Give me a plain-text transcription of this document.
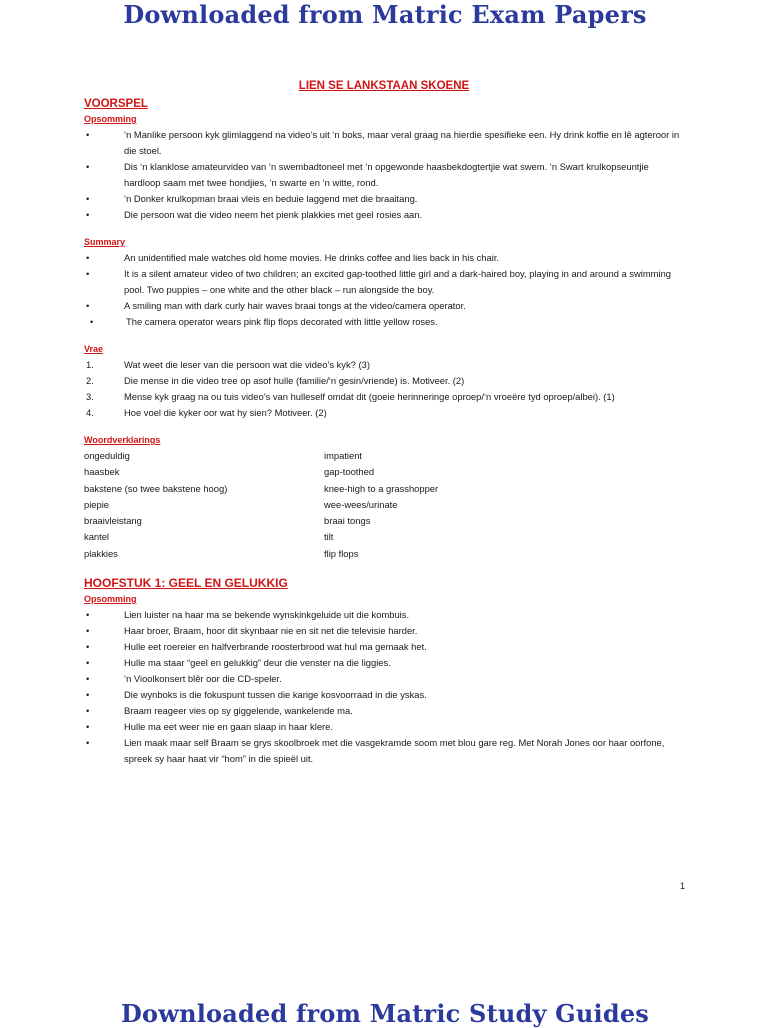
Downloaded from Matric Exam Papers
LIEN SE LANKSTAAN SKOENE
VOORSPEL
Opsomming
•	‘n Manlike persoon kyk glimlaggend na video’s uit ‘n boks, maar veral graag na hierdie spesifieke een. Hy drink koffie en lê agteroor in die stoel.
•	Dis ‘n klanklose amateurvideo van ‘n swembadtoneel met ‘n opgewonde haasbekdogtertjie wat swem. ‘n Swart krulkopseuntjie hardloop saam met twee hondjies, ‘n swarte en ‘n witte, rond.
•	‘n Donker krulkopman braai vleis en beduie laggend met die braaitang.
•	Die persoon wat die video neem het pienk plakkies met geel rosies aan.
Summary
•	An unidentified male watches old home movies. He drinks coffee and lies back in his chair.
•	It is a silent amateur video of two children; an excited gap-toothed little girl and a dark-haired boy, playing in and around a swimming pool. Two puppies – one white and the other black – run alongside the boy.
•	A smiling man with dark curly hair waves braai tongs at the video/camera operator.
•	The camera operator wears pink flip flops decorated with little yellow roses.
Vrae
1.	Wat weet die leser van die persoon wat die video’s kyk? (3)
2.	Die mense in die video tree op asof hulle (familie/‘n gesin/vriende) is. Motiveer. (2)
3.	Mense kyk graag na ou tuis video’s van hulleself omdat dit (goeie herinneringe oproep/‘n vroeëre tyd oproep/albei). (1)
4.	Hoe voel die kyker oor wat hy sien? Motiveer. (2)
Woordverklarings
ongeduldig	impatient
haasbek	gap-toothed
bakstene (so twee bakstene hoog)	knee-high to a grasshopper
piepie	wee-wees/urinate
braaivleistang	braai tongs
kantel	tilt
plakkies	flip flops
HOOFSTUK 1: GEEL EN GELUKKIG
Opsomming
•	Lien luister na haar ma se bekende wynskinkgeluide uit die kombuis.
•	Haar broer, Braam, hoor dit skynbaar nie en sit net die televisie harder.
•	Hulle eet roereier en halfverbrande roosterbrood wat hul ma gemaak het.
•	Hulle ma staar “geel en gelukkig” deur die venster na die liggies.
•	‘n Vioolkonsert blêr oor die CD-speler.
•	Die wynboks is die fokuspunt tussen die karige kosvoorraad in die yskas.
•	Braam reageer vies op sy giggelende, wankelende ma.
•	Hulle ma eet weer nie en gaan slaap in haar klere.
•	Lien maak maar self Braam se grys skoolbroek met die vasgekramde soom met blou gare reg. Met Norah Jones oor haar oorfone, spreek sy haar haat vir “hom” in die spieël uit.
1
Downloaded from Matric Study Guides
